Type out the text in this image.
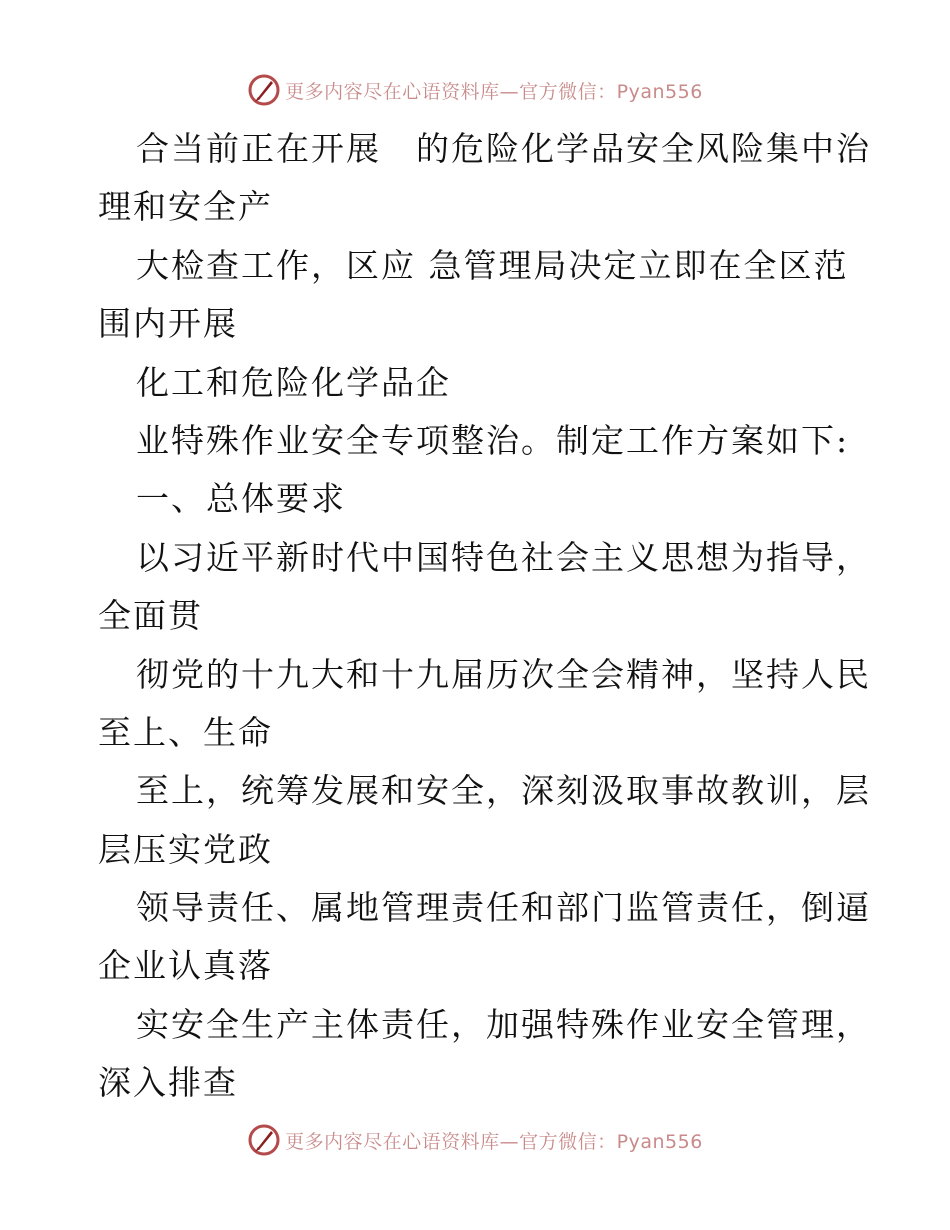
更多内容尽在心语资料库—官方微信：Pyan556
合当前正在开展　的危险化学品安全风险集中治
理和安全产
大检查工作，区应 急管理局决定立即在全区范
围内开展
化工和危险化学品企
业特殊作业安全专项整治。制定工作方案如下:
一、总体要求
以习近平新时代中国特色社会主义思想为指导，
全面贯
彻党的十九大和十九届历次全会精神，坚持人民
至上、生命
至上，统筹发展和安全，深刻汲取事故教训，层
层压实党政
领导责任、属地管理责任和部门监管责任，倒逼
企业认真落
实安全生产主体责任，加强特殊作业安全管理，
深入排查
更多内容尽在心语资料库—官方微信：Pyan556
